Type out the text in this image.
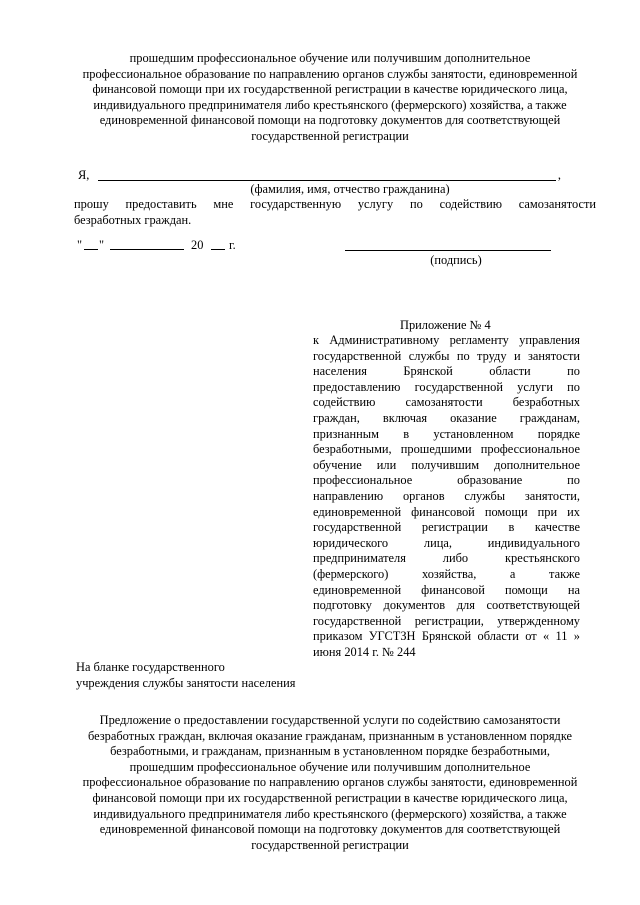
прошедшим профессиональное обучение или получившим дополнительное
профессиональное образование по направлению органов службы занятости, единовременной
финансовой помощи при их государственной регистрации в качестве юридического лица,
индивидуального предпринимателя либо крестьянского (фермерского) хозяйства, а также
единовременной финансовой помощи на подготовку документов для соответствующей
государственной регистрации
Я,	,
(фамилия, имя, отчество гражданина)
прошу предоставить мне государственную услугу по содействию самозанятости
безработных граждан.
" "	20 г.
(подпись)
Приложение № 4
к Административному регламенту управления
государственной службы по труду и занятости
населения Брянской области по
предоставлению государственной услуги по
содействию самозанятости безработных
граждан, включая оказание гражданам,
признанным в установленном порядке
безработными, прошедшими профессиональное
обучение или получившим дополнительное
профессиональное образование по
направлению органов службы занятости,
единовременной финансовой помощи при их
государственной регистрации в качестве
юридического лица, индивидуального
предпринимателя либо крестьянского
(фермерского) хозяйства, а также
единовременной финансовой помощи на
подготовку документов для соответствующей
государственной регистрации, утвержденному
приказом УГСТЗН Брянской области от « 11 »
июня 2014 г. № 244
На бланке государственного
учреждения службы занятости населения
Предложение о предоставлении государственной услуги по содействию самозанятости
безработных граждан, включая оказание гражданам, признанным в установленном порядке
безработными, и гражданам, признанным в установленном порядке безработными,
прошедшим профессиональное обучение или получившим дополнительное
профессиональное образование по направлению органов службы занятости, единовременной
финансовой помощи при их государственной регистрации в качестве юридического лица,
индивидуального предпринимателя либо крестьянского (фермерского) хозяйства, а также
единовременной финансовой помощи на подготовку документов для соответствующей
государственной регистрации
